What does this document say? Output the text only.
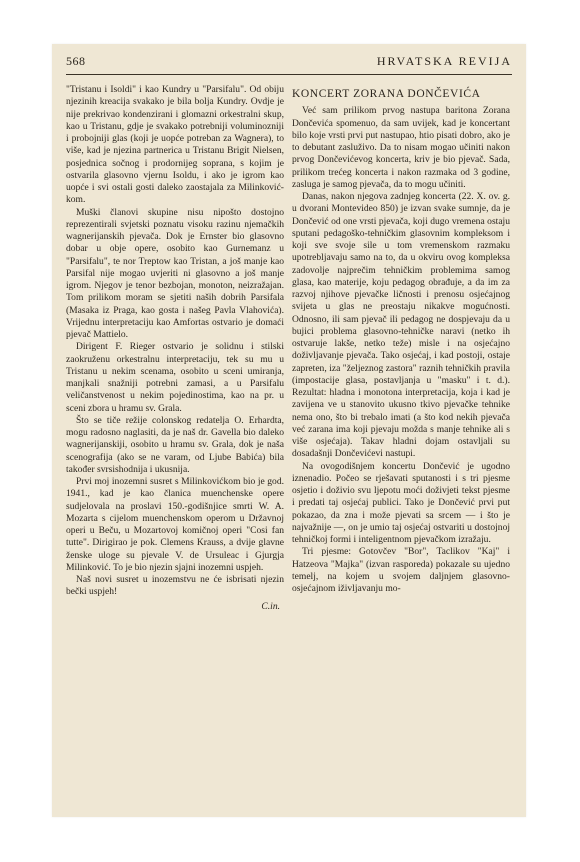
568	HRVATSKA REVIJA

"Tristanu i Isoldi" i kao Kundry u "Parsifalu". Od obiju njezinih kreacija svakako je bila bolja Kundry. Ovdje je nije prekrivao kondenzirani i glomazni orkestralni skup, kao u Tristanu, gdje je svakako potrebniji voluminozniji i probojniji glas (koji je uopće potreban za Wagnera), to više, kad je njezina partnerica u Tristanu Brigit Nielsen, posjednica sočnog i prodornijeg soprana, s kojim je ostvarila glasovno vjernu Isoldu, i ako je igrom kao uopće i svi ostali gosti daleko zaostajala za Milinković-kom.

Muški članovi skupine nisu nipošto dostojno reprezentirali svjetski poznatu visoku razinu njemačkih wagnerijanskih pjevača. Dok je Ernster bio glasovno dobar u obje opere, osobito kao Gurnemanz u "Parsifalu", te nor Treptow kao Tristan, a još manje kao Parsifal nije mogao uvjeriti ni glasovno a još manje igrom. Njegov je tenor bezbojan, monoton, neizražajan. Tom prilikom moram se sjetiti naših dobrih Parsifala (Masaka iz Praga, kao gosta i našeg Pavla Vlahovića). Vrijednu interpretaciju kao Amfortas ostvario je domaći pjevač Mattielo.

Dirigent F. Rieger ostvario je solidnu i stilski zaokruženu orkestralnu interpretaciju, tek su mu u Tristanu u nekim scenama, osobito u sceni umiranja, manjkali snažniji potrebni zamasi, a u Parsifalu veličanstvenost u nekim pojedinostima, kao na pr. u sceni zbora u hramu sv. Grala.

Što se tiče režije colonskog redatelja O. Erhardta, mogu radosno naglasiti, da je naš dr. Gavella bio daleko wagnerijanskiji, osobito u hramu sv. Grala, dok je naša scenografija (ako se ne varam, od Ljube Babića) bila također svrsishodnija i ukusnija.

Prvi moj inozemni susret s Milinkovićkom bio je god. 1941., kad je kao članica muenchenske opere sudjelovala na proslavi 150.-godišnjice smrti W. A. Mozarta s cijelom muenchenskom operom u Državnoj operi u Beču, u Mozartovoj komičnoj operi "Cosi fan tutte". Dirigirao je pok. Clemens Krauss, a dvije glavne ženske uloge su pjevale V. de Ursuleac i Gjurgja Milinković. To je bio njezin sjajni inozemni uspjeh.

Naš novi susret u inozemstvu ne će isbrisati njezin bečki uspjeh!

C.in.
KONCERT ZORANA DONČEVIĆA

Već sam prilikom prvog nastupa baritona Zorana Dončevića spomenuo, da sam uvijek, kad je koncertant bilo koje vrsti prvi put nastupao, htio pisati dobro, ako je to debutant zasluživo. Da to nisam mogao učiniti nakon prvog Dončevićevog koncerta, kriv je bio pjevač. Sada, prilikom trećeg koncerta i nakon razmaka od 3 godine, zasluga je samog pjevača, da to mogu učiniti.

Danas, nakon njegova zadnjeg koncerta (22. X. ov. g. u dvorani Montevideo 850) je izvan svake sumnje, da je Dončević od one vrsti pjevača, koji dugo vremena ostaju sputani pedagoško-tehničkim glasovnim kompleksom i koji sve svoje sile u tom vremenskom razmaku upotrebljavaju samo na to, da u okviru ovog kompleksa zadovolje najprečim tehničkim problemima samog glasa, kao materije, koju pedagog obrađuje, a da im za razvoj njihove pjevačke ličnosti i prenosu osjećajnog svijeta u glas ne preostaju nikakve mogućnosti. Odnosno, ili sam pjevač ili pedagog ne dospjevaju da u bujici problema glasovno-tehničke naravi (netko ih ostvaruje lakše, netko teže) misle i na osjećajno doživljavanje pjevača. Tako osjećaj, i kad postoji, ostaje zapreten, iza "željeznog zastora" raznih tehničkih pravila (impostacije glasa, postavljanja u "masku" i t. d.). Rezultat: hladna i monotona interpretacija, koja i kad je zavijena ve u stanovito ukusno tkivo pjevačke tehnike nema ono, što bi trebalo imati (a što kod nekih pjevača već zarana ima koji pjevaju možda s manje tehnike ali s više osjećaja). Takav hladni dojam ostavljali su dosadašnji Dončevićevi nastupi.

Na ovogodišnjem koncertu Dončević je ugodno iznenadio. Počeo se rješavati sputanosti i s tri pjesme osjetio i doživio svu ljepotu moći doživjeti tekst pjesme i predati taj osjećaj publici. Tako je Dončević prvi put pokazao, da zna i može pjevati sa srcem — i što je najvažnije —, on je umio taj osjećaj ostvariti u dostojnoj tehničkoj formi i inteligentnom pjevačkom izražaju.

Tri pjesme: Gotovčev "Bor", Taclikov "Kaj" i Hatzeova "Majka" (izvan rasporeda) pokazale su ujedno temelj, na kojem u svojem daljnjem glasovno-osjećajnom iživljavanju mo-
